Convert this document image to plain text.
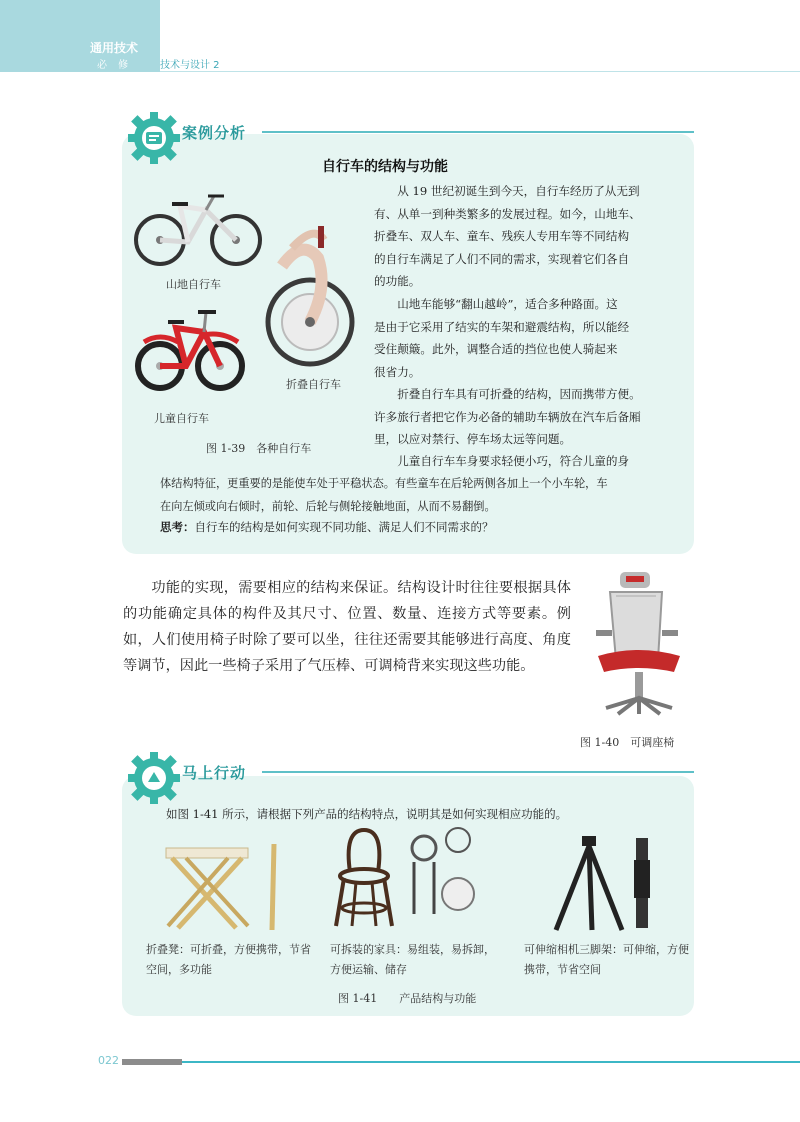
通用技术
必 修	技术与设计 2
案例分析
自行车的结构与功能
山地自行车
折叠自行车
儿童自行车
图 1-39　各种自行车
从 19 世纪初诞生到今天，自行车经历了从无到
有、从单一到种类繁多的发展过程。如今，山地车、
折叠车、双人车、童车、残疾人专用车等不同结构
的自行车满足了人们不同的需求，实现着它们各自
的功能。
山地车能够“翻山越岭”，适合多种路面。这
是由于它采用了结实的车架和避震结构，所以能经
受住颠簸。此外，调整合适的挡位也使人骑起来
很省力。
折叠自行车具有可折叠的结构，因而携带方便。
许多旅行者把它作为必备的辅助车辆放在汽车后备厢
里，以应对禁行、停车场太远等问题。
儿童自行车车身要求轻便小巧，符合儿童的身
体结构特征，更重要的是能使车处于平稳状态。有些童车在后轮两侧各加上一个小车轮，车
在向左倾或向右倾时，前轮、后轮与侧轮接触地面，从而不易翻倒。
思考：自行车的结构是如何实现不同功能、满足人们不同需求的？
功能的实现，需要相应的结构来保证。结构设计时往往要根据具体的功能确定具体的构件及其尺寸、位置、数量、连接方式等要素。例如，人们使用椅子时除了要可以坐，往往还需要其能够进行高度、角度等调节，因此一些椅子采用了气压棒、可调椅背来实现这些功能。
图 1-40　可调座椅
马上行动
如图 1-41 所示，请根据下列产品的结构特点，说明其是如何实现相应功能的。
折叠凳：可折叠，方便携带，节省空间，多功能
可拆装的家具：易组装，易拆卸，方便运输、储存
可伸缩相机三脚架：可伸缩，方便携带，节省空间
图 1-41　　产品结构与功能
022
